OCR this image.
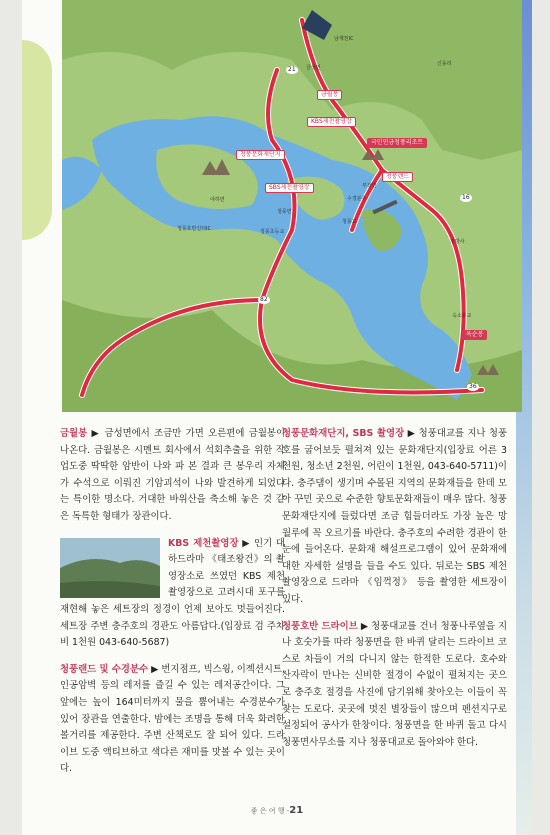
금월봉
KBS제천촬영장
청풍문화재단지
SBS제천촬영장
국민연금청풍리조트
청풍랜드
옥순봉
금성면
남제천IC
부장면
수경분수
청풍교
청풍면
청풍초등교
야하면
정방사
청풍호반진터IC
신동리
옥소봉교
21
82
16
36

금월봉 ▶ 금성면에서 조금만 가면 오른편에 금월봉이 나온다. 금월봉은 시멘트 회사에서 석회추출을 위한 작업도중 딱딱한 암반이 나와 파 본 결과 큰 봉우리 자체가 수석으로 이뤄진 기암괴석이 나와 발견하게 되었다는 특이한 명소다. 거대한 바위산을 축소해 놓은 것 같은 독특한 형태가 장관이다.

KBS 제천촬영장 ▶ 인기 대하드라마 《태조왕건》의 촬영장소로 쓰였던 KBS 제천 촬영장으로 고려시대 포구를 재현해 놓은 세트장의 정경이 언제 보아도 멋들어진다. 세트장 주변 충주호의 경관도 아름답다.(입장료 검 주차비 1천원 043-640-5687)

청풍랜드 및 수경분수 ▶ 번지점프, 빅스윙, 이젝션시트, 인공암벽 등의 레저를 즐길 수 있는 레저공간이다. 그 앞에는 높이 164미터까지 물을 뿜어내는 수경분수가 있어 장관을 연출한다. 밤에는 조명을 통해 더욱 화려한 볼거리를 제공한다. 주변 산책로도 잘 되어 있다. 드라이브 도중 액티브하고 색다른 재미를 맛볼 수 있는 곳이다.

청풍문화재단지, SBS 촬영장 ▶ 청풍대교를 지나 청풍호를 굽어보듯 펼쳐져 있는 문화재단지(입장료 어른 3천원, 청소년 2천원, 어린이 1천원, 043-640-5711)이다. 충주댐이 생기며 수몰된 지역의 문화재들을 한데 모아 꾸민 곳으로 수준한 향토문화재들이 매우 많다. 청풍문화재단지에 들렀다면 조금 힘들더라도 가장 높은 망월루에 꼭 오르기를 바란다. 충주호의 수려한 경관이 한눈에 들어온다. 문화재 해설프로그램이 있어 문화재에 대한 자세한 설명을 들을 수도 있다. 뒤로는 SBS 제천촬영장으로 드라마 《임꺽정》 등을 촬영한 세트장이 있다.

청풍호반 드라이브 ▶ 청풍대교를 건너 청풍나루옆을 지나 호숫가를 따라 청풍면을 한 바퀴 달리는 드라이브 코스로 차들이 거의 다니지 않는 한적한 도로다. 호수와 산자락이 만나는 신비한 절경이 수없이 펼쳐지는 곳으로 충주호 절경을 사진에 담기위해 찾아오는 이들이 꼭 찾는 도로다. 곳곳에 멋진 별장들이 많으며 펜션지구로 설정되어 공사가 한창이다. 청풍면을 한 바퀴 돌고 다시 청풍면사무소를 지나 청풍대교로 돌아와야 한다.

좋 은 여 행 -21
